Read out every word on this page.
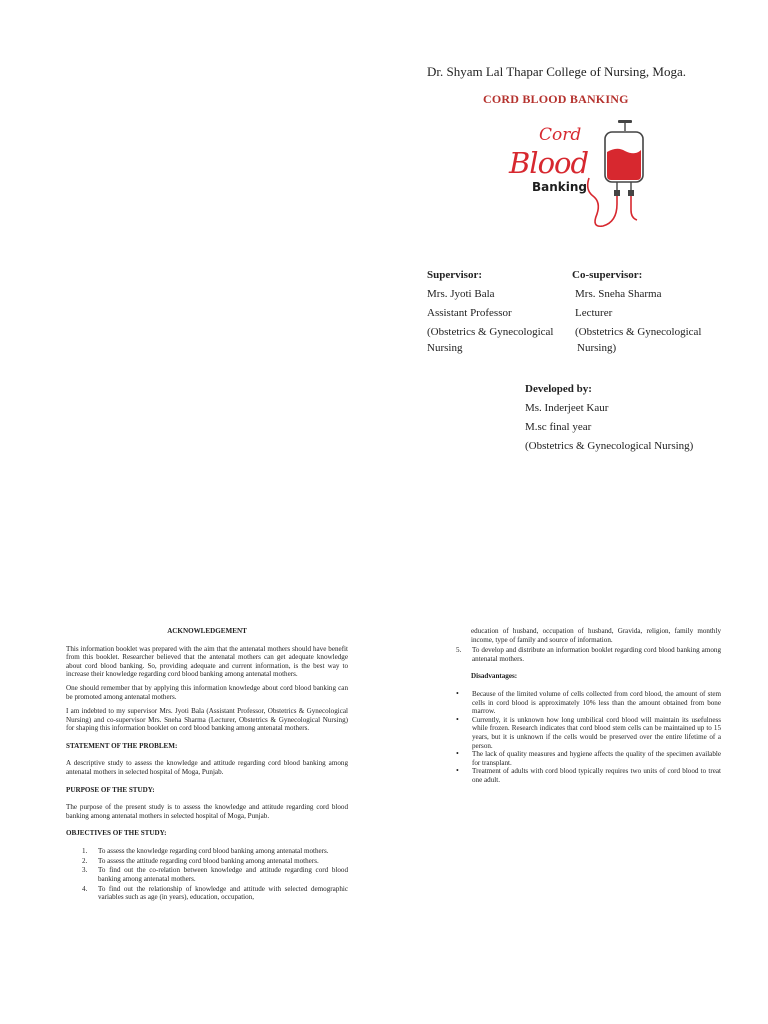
Dr. Shyam Lal Thapar College of Nursing, Moga.
CORD BLOOD BANKING
Cord
Blood
Banking
Supervisor:
Mrs. Jyoti Bala
Assistant Professor
(Obstetrics & Gynecological
Nursing
Co-supervisor:
Mrs. Sneha Sharma
Lecturer
(Obstetrics & Gynecological
Nursing)
Developed by:
Ms. Inderjeet Kaur
M.sc final year
(Obstetrics & Gynecological Nursing)

ACKNOWLEDGEMENT

This information booklet was prepared with the aim that the antenatal mothers should have benefit from this booklet. Researcher believed that the antenatal mothers can get adequate knowledge about cord blood banking. So, providing adequate and current information, is the best way to increase their knowledge regarding cord blood banking among antenatal mothers.

One should remember that by applying this information knowledge about cord blood banking can be promoted among antenatal mothers.

I am indebted to my supervisor Mrs. Jyoti Bala (Assistant Professor, Obstetrics & Gynecological Nursing) and co-supervisor Mrs. Sneha Sharma (Lecturer, Obstetrics & Gynecological Nursing) for shaping this information booklet on cord blood banking among antenatal mothers.

STATEMENT OF THE PROBLEM:

A descriptive study to assess the knowledge and attitude regarding cord blood banking among antenatal mothers in selected hospital of Moga, Punjab.

PURPOSE OF THE STUDY:

The purpose of the present study is to assess the knowledge and attitude regarding cord blood banking among antenatal mothers in selected hospital of Moga, Punjab.

OBJECTIVES OF THE STUDY:

1. To assess the knowledge regarding cord blood banking among antenatal mothers.
2. To assess the attitude regarding cord blood banking among antenatal mothers.
3. To find out the co-relation between knowledge and attitude regarding cord blood banking among antenatal mothers.
4. To find out the relationship of knowledge and attitude with selected demographic variables such as age (in years), education, occupation,

education of husband, occupation of husband, Gravida, religion, family monthly income, type of family and source of information.

5. To develop and distribute an information booklet regarding cord blood banking among antenatal mothers.

Disadvantages:

• Because of the limited volume of cells collected from cord blood, the amount of stem cells in cord blood is approximately 10% less than the amount obtained from bone marrow.
• Currently, it is unknown how long umbilical cord blood will maintain its usefulness while frozen. Research indicates that cord blood stem cells can be maintained up to 15 years, but it is unknown if the cells would be preserved over the entire lifetime of a person.
• The lack of quality measures and hygiene affects the quality of the specimen available for transplant.
• Treatment of adults with cord blood typically requires two units of cord blood to treat one adult.
